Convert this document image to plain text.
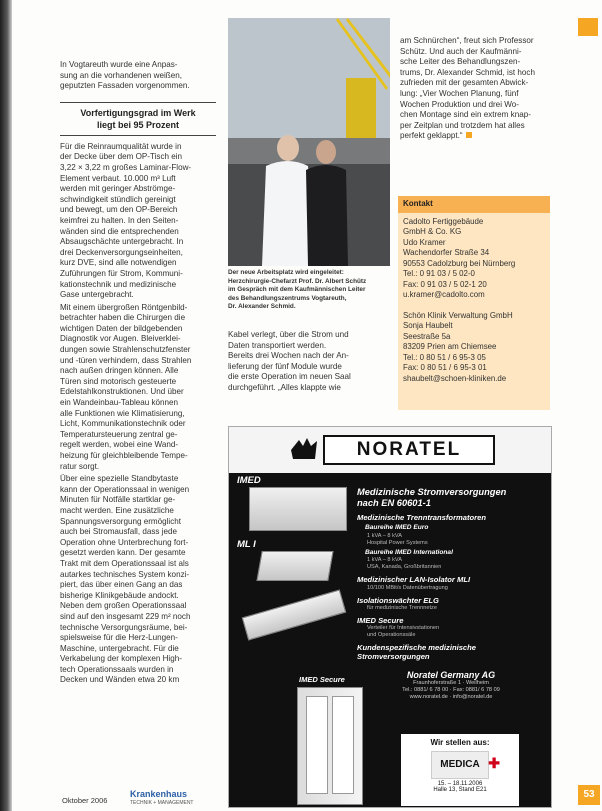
In Vogtareuth wurde eine Anpas-
sung an die vorhandenen weißen,
geputzten Fassaden vorgenommen.

Vorfertigungsgrad im Werk
liegt bei 95 Prozent

Für die Reinraumqualität wurde in
der Decke über dem OP-Tisch ein
3,22 × 3,22 m großes Laminar-Flow-
Element verbaut. 10.000 m³ Luft
werden mit geringer Abströmge-
schwindigkeit stündlich gereinigt
und bewegt, um den OP-Bereich
keimfrei zu halten. In den Seiten-
wänden sind die entsprechenden
Absaugschächte untergebracht. In
drei Deckenversorgungseinheiten,
kurz DVE, sind alle notwendigen
Zuführungen für Strom, Kommuni-
kationstechnik und medizinische
Gase untergebracht.

Mit einem übergroßen Röntgenbild-
betrachter haben die Chirurgen die
wichtigen Daten der bildgebenden
Diagnostik vor Augen. Bleiverklei-
dungen sowie Strahlenschutzfenster
und -türen verhindern, dass Strahlen
nach außen dringen können. Alle
Türen sind motorisch gesteuerte
Edelstahlkonstruktionen. Und über
ein Wandeinbau-Tableau können
alle Funktionen wie Klimatisierung,
Licht, Kommunikationstechnik oder
Temperatursteuerung zentral ge-
regelt werden, wobei eine Wand-
heizung für gleichbleibende Tempe-
ratur sorgt.

Über eine spezielle Standbytaste
kann der Operationssaal in wenigen
Minuten für Notfälle startklar ge-
macht werden. Eine zusätzliche
Spannungsversorgung ermöglicht
auch bei Stromausfall, dass jede
Operation ohne Unterbrechung fort-
gesetzt werden kann. Der gesamte
Trakt mit dem Operationssaal ist als
autarkes technisches System konzi-
piert, das über einen Gang an das
bisherige Klinikgebäude andockt.
Neben dem großen Operationssaal
sind auf den insgesamt 229 m² noch
technische Versorgungsräume, bei-
spielsweise für die Herz-Lungen-
Maschine, untergebracht. Für die
Verkabelung der komplexen High-
tech Operationssaals wurden in
Decken und Wänden etwa 20 km

Der neue Arbeitsplatz wird eingeleitet:
Herzchirurgie-Chefarzt Prof. Dr. Albert Schütz
im Gespräch mit dem Kaufmännischen Leiter
des Behandlungszentrums Vogtareuth,
Dr. Alexander Schmid.

Kabel verlegt, über die Strom und
Daten transportiert werden.
Bereits drei Wochen nach der An-
lieferung der fünf Module wurde
die erste Operation im neuen Saal
durchgeführt. „Alles klappte wie

am Schnürchen“, freut sich Professor
Schütz. Und auch der Kaufmänni-
sche Leiter des Behandlungszen-
trums, Dr. Alexander Schmid, ist hoch
zufrieden mit der gesamten Abwick-
lung: „Vier Wochen Planung, fünf
Wochen Produktion und drei Wo-
chen Montage sind ein extrem knap-
per Zeitplan und trotzdem hat alles
perfekt geklappt.“

Kontakt
Cadolto Fertiggebäude
GmbH & Co. KG
Udo Kramer
Wachendorfer Straße 34
90553 Cadolzburg bei Nürnberg
Tel.: 0 91 03 / 5 02-0
Fax: 0 91 03 / 5 02-1 20
u.kramer@cadolto.com
Schön Klinik Verwaltung GmbH
Sonja Haubelt
Seestraße 5a
83209 Prien am Chiemsee
Tel.: 0 80 51 / 6 95-3 05
Fax: 0 80 51 / 6 95-3 01
shaubelt@schoen-kliniken.de
NORATEL
IMED
ML I
IMED Secure
Medizinische Stromversorgungen
nach EN 60601-1
Medizinische Trenntransformatoren
Baureihe IMED Euro
1 kVA – 8 kVA
Hospital Power Systems
Baureihe IMED International
1 kVA – 8 kVA
USA, Kanada, Großbritannien
Medizinischer LAN-Isolator MLI
10/100 MBit/s Datenübertragung
Isolationswächter ELG
für medizinische Trennnetze
IMED Secure
Verteiler für Intensivstationen
und Operationssäle
Kundenspezifische medizinische Stromversorgungen
Noratel Germany AG
Fraunhoferstraße 1 · Weilheim
Tel.: 0881/ 6 78 00 · Fax: 0881/ 6 78 09
www.noratel.de · info@noratel.de
Wir stellen aus:
MEDICA ✚
15. – 18.11.2006
Halle 13, Stand E21
Oktober 2006
Krankenhaus
TECHNIK + MANAGEMENT
53
